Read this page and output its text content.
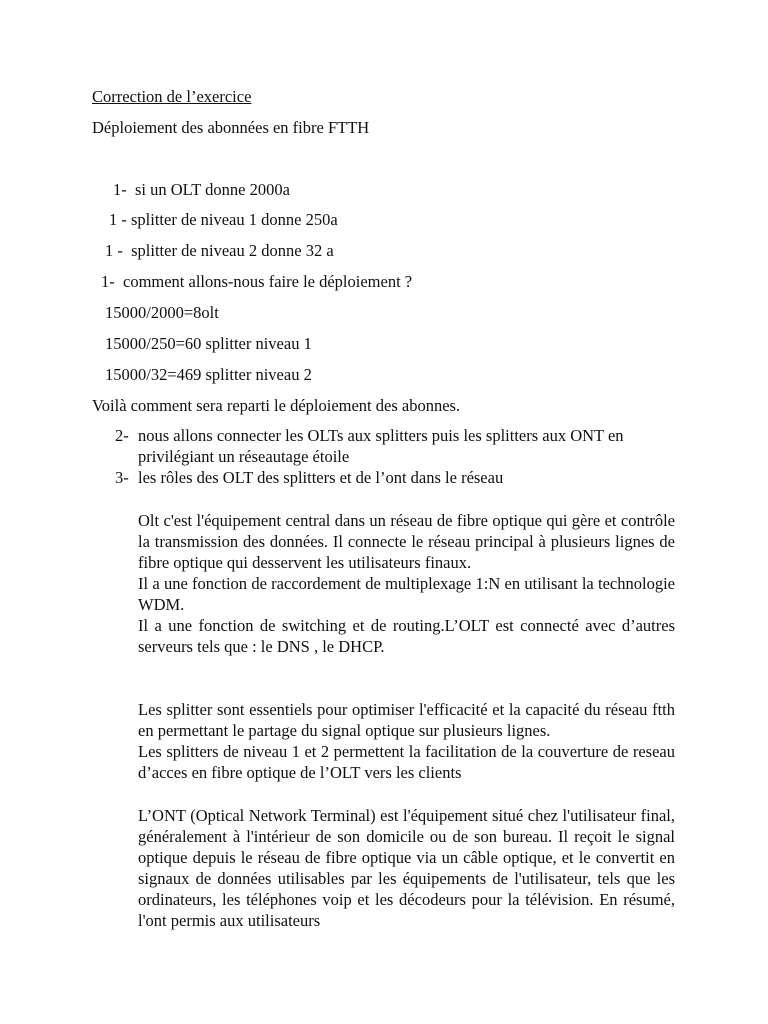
Correction de l’exercice
Déploiement des abonnées en fibre FTTH
1-  si un OLT donne 2000a
1 - splitter de niveau 1 donne 250a
1 -  splitter de niveau 2 donne 32 a
1-  comment allons-nous faire le déploiement ?
15000/2000=8olt
15000/250=60 splitter niveau 1
15000/32=469 splitter niveau 2
Voilà comment sera reparti le déploiement des abonnes.
2- nous allons connecter les OLTs aux splitters puis les splitters aux ONT en privilégiant un réseautage étoile
3- les rôles des OLT des splitters et de l’ont dans le réseau
Olt c'est l'équipement central dans un réseau de fibre optique qui gère et contrôle la transmission des données. Il connecte le réseau principal à plusieurs lignes de fibre optique qui desservent les utilisateurs finaux.
Il a une fonction de raccordement de multiplexage 1:N en utilisant la technologie WDM.
Il a une fonction de switching et de routing.L’OLT est connecté avec d’autres serveurs tels que : le DNS , le DHCP.
Les splitter sont essentiels pour optimiser l'efficacité et la capacité du réseau ftth en permettant le partage du signal optique sur plusieurs lignes.
Les splitters de niveau 1 et 2 permettent la facilitation de la couverture de reseau d’acces en fibre optique de l’OLT vers les clients
L’ONT (Optical Network Terminal) est l'équipement situé chez l'utilisateur final, généralement à l'intérieur de son domicile ou de son bureau. Il reçoit le signal optique depuis le réseau de fibre optique via un câble optique, et le convertit en signaux de données utilisables par les équipements de l'utilisateur, tels que les ordinateurs, les téléphones voip et les décodeurs pour la télévision. En résumé, l'ont permis aux utilisateurs
